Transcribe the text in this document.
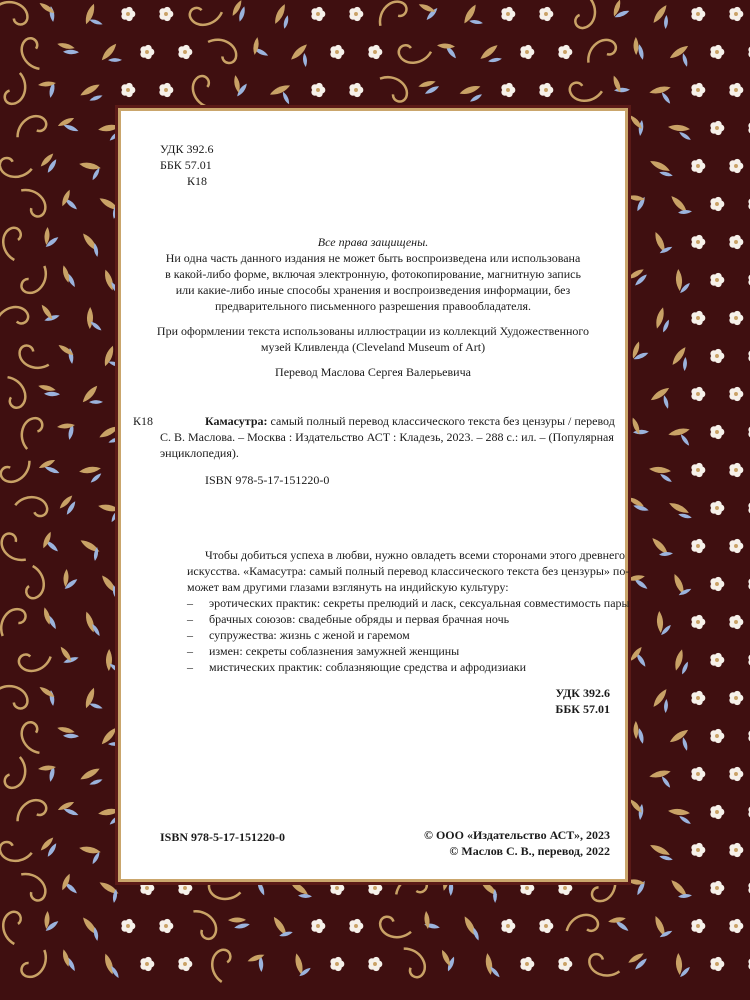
УДК 392.6
ББК 57.01
К18
Все права защищены.
Ни одна часть данного издания не может быть воспроизведена или использована
в какой-либо форме, включая электронную, фотокопирование, магнитную запись
или какие-либо иные способы хранения и воспроизведения информации, без
предварительного письменного разрешения правообладателя.
При оформлении текста использованы иллюстрации из коллекций Художественного
музей Кливленда (Cleveland Museum of Art)
Перевод Маслова Сергея Валерьевича
К18	Камасутра: самый полный перевод классического текста без цензуры / перевод
С. В. Маслова. – Москва : Издательство АСТ : Кладезь, 2023. – 288 с.: ил. – (Популярная
энциклопедия).
ISBN 978-5-17-151220-0
Чтобы добиться успеха в любви, нужно овладеть всеми сторонами этого древнего
искусства. «Камасутра: самый полный перевод классического текста без цензуры» по-
может вам другими глазами взглянуть на индийскую культуру:
– эротических практик: секреты прелюдий и ласк, сексуальная совместимость пары
– брачных союзов: свадебные обряды и первая брачная ночь
– супружества: жизнь с женой и гаремом
– измен: секреты соблазнения замужней женщины
– мистических практик: соблазняющие средства и афродизиаки
УДК 392.6
ББК 57.01
ISBN 978-5-17-151220-0	© ООО «Издательство АСТ», 2023
© Маслов С. В., перевод, 2022
